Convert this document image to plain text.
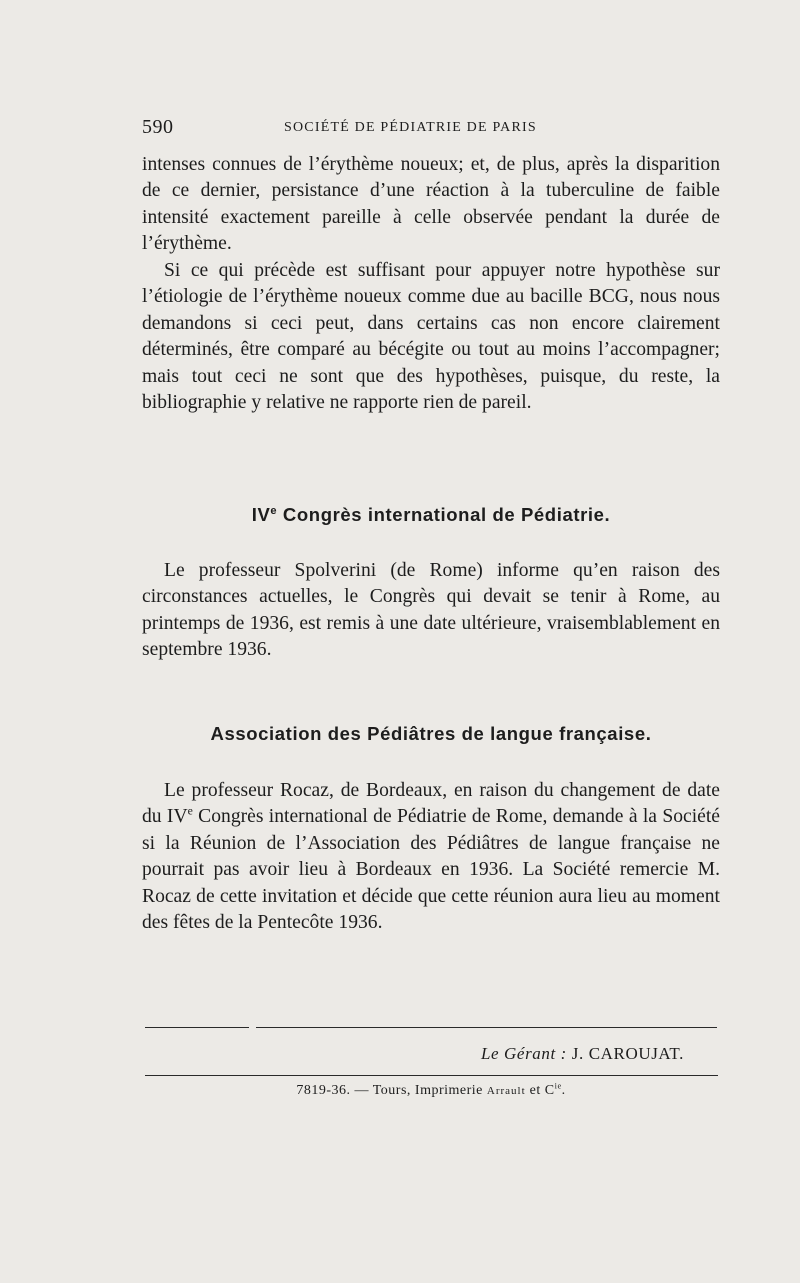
590	SOCIÉTÉ DE PÉDIATRIE DE PARIS

intenses connues de l’érythème noueux; et, de plus, après la disparition de ce dernier, persistance d’une réaction à la tuberculine de faible intensité exactement pareille à celle observée pendant la durée de l’érythème.

Si ce qui précède est suffisant pour appuyer notre hypothèse sur l’étiologie de l’érythème noueux comme due au bacille BCG, nous nous demandons si ceci peut, dans certains cas non encore clairement déterminés, être comparé au bécégite ou tout au moins l’accompagner; mais tout ceci ne sont que des hypothèses, puisque, du reste, la bibliographie y relative ne rapporte rien de pareil.

IVe Congrès international de Pédiatrie.

Le professeur Spolverini (de Rome) informe qu’en raison des circonstances actuelles, le Congrès qui devait se tenir à Rome, au printemps de 1936, est remis à une date ultérieure, vraisemblablement en septembre 1936.

Association des Pédiâtres de langue française.

Le professeur Rocaz, de Bordeaux, en raison du changement de date du IVe Congrès international de Pédiatrie de Rome, demande à la Société si la Réunion de l’Association des Pédiâtres de langue française ne pourrait pas avoir lieu à Bordeaux en 1936. La Société remercie M. Rocaz de cette invitation et décide que cette réunion aura lieu au moment des fêtes de la Pentecôte 1936.

Le Gérant : J. CAROUJAT.
7819-36. — Tours, Imprimerie Arrault et $C^{ie}$.
